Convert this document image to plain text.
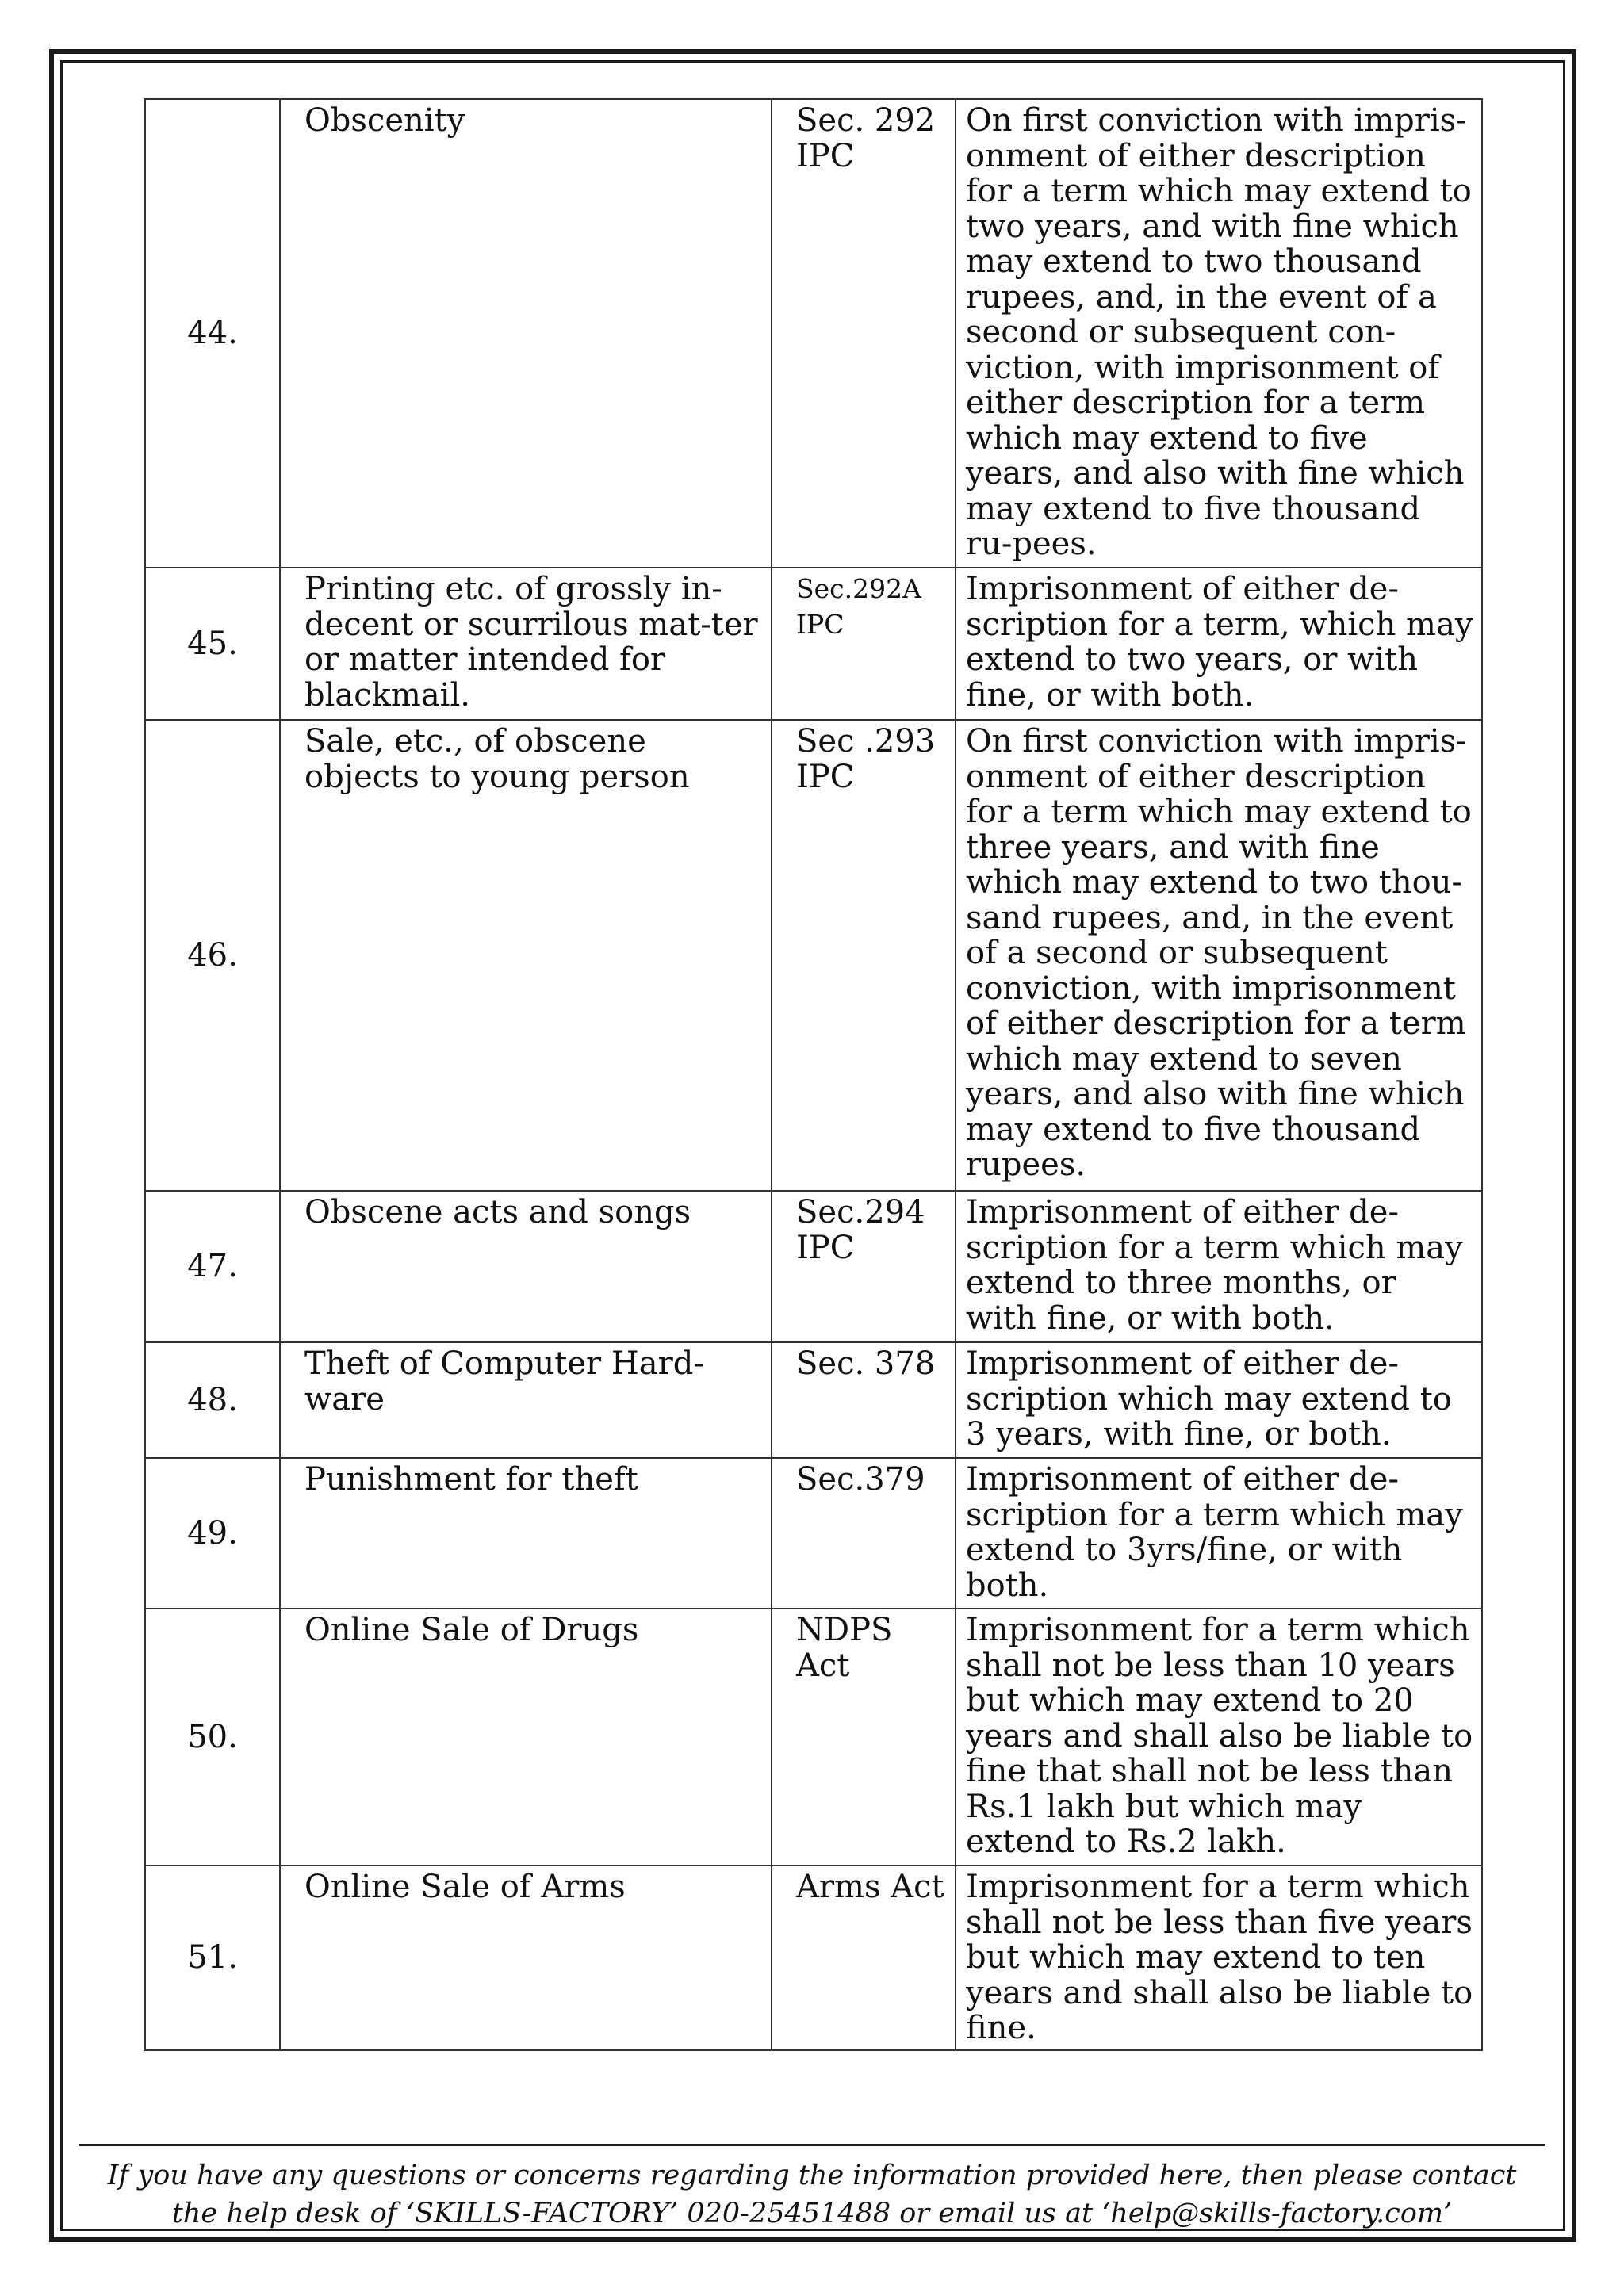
44.	Obscenity	Sec. 292 IPC	On first conviction with impris-onment of either description for a term which may extend to two years, and with fine which may extend to two thousand rupees, and, in the event of a second or subsequent con-viction, with imprisonment of either description for a term which may extend to five years, and also with fine which may extend to five thousand ru-pees.
45.	Printing etc. of grossly in-decent or scurrilous mat-ter or matter intended for blackmail.	Sec.292A IPC	Imprisonment of either de-scription for a term, which may extend to two years, or with fine, or with both.
46.	Sale, etc., of obscene objects to young person	Sec .293 IPC	On first conviction with impris-onment of either description for a term which may extend to three years, and with fine which may extend to two thou-sand rupees, and, in the event of a second or subsequent conviction, with imprisonment of either description for a term which may extend to seven years, and also with fine which may extend to five thousand rupees.
47.	Obscene acts and songs	Sec.294 IPC	Imprisonment of either de-scription for a term which may extend to three months, or with fine, or with both.
48.	Theft of Computer Hard-ware	Sec. 378	Imprisonment of either de-scription which may extend to 3 years, with fine, or both.
49.	Punishment for theft	Sec.379	Imprisonment of either de-scription for a term which may extend to 3yrs/fine, or with both.
50.	Online Sale of Drugs	NDPS Act	Imprisonment for a term which shall not be less than 10 years but which may extend to 20 years and shall also be liable to fine that shall not be less than Rs.1 lakh but which may extend to Rs.2 lakh.
51.	Online Sale of Arms	Arms Act	Imprisonment for a term which shall not be less than five years but which may extend to ten years and shall also be liable to fine.
If you have any questions or concerns regarding the information provided here, then please contact
the help desk of ‘SKILLS-FACTORY’ 020-25451488 or email us at ‘help@skills-factory.com’
